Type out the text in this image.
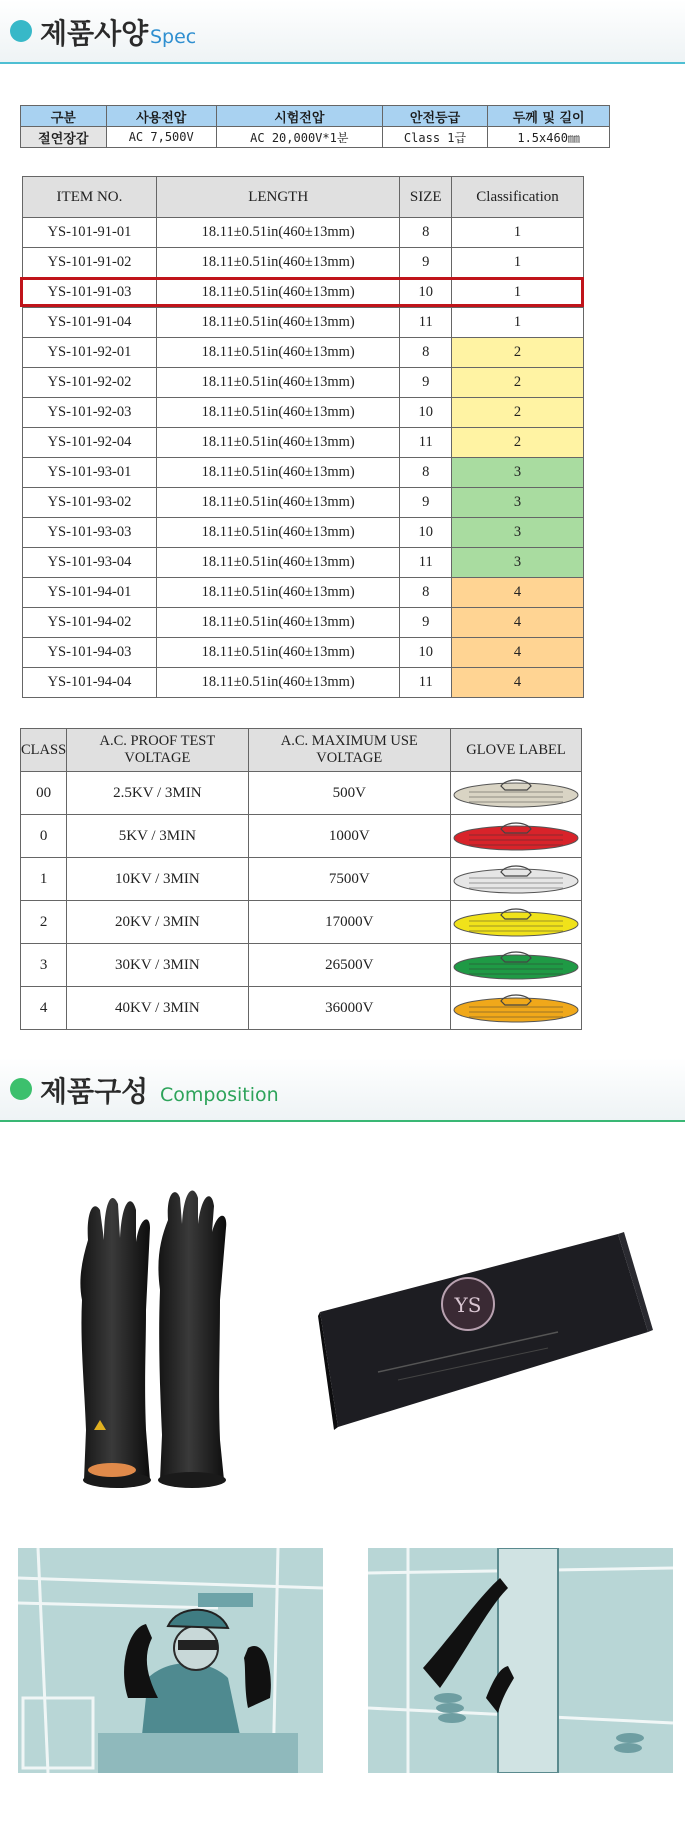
제품사양 Spec
구분	사용전압	시험전압	안전등급	두께 및 길이
절연장갑	AC 7,500V	AC 20,000V*1분	Class 1급	1.5x460㎜
ITEM NO.	LENGTH	SIZE	Classification
YS-101-91-01	18.11±0.51in(460±13mm)	8	1
YS-101-91-02	18.11±0.51in(460±13mm)	9	1
YS-101-91-03	18.11±0.51in(460±13mm)	10	1
YS-101-91-04	18.11±0.51in(460±13mm)	11	1
YS-101-92-01	18.11±0.51in(460±13mm)	8	2
YS-101-92-02	18.11±0.51in(460±13mm)	9	2
YS-101-92-03	18.11±0.51in(460±13mm)	10	2
YS-101-92-04	18.11±0.51in(460±13mm)	11	2
YS-101-93-01	18.11±0.51in(460±13mm)	8	3
YS-101-93-02	18.11±0.51in(460±13mm)	9	3
YS-101-93-03	18.11±0.51in(460±13mm)	10	3
YS-101-93-04	18.11±0.51in(460±13mm)	11	3
YS-101-94-01	18.11±0.51in(460±13mm)	8	4
YS-101-94-02	18.11±0.51in(460±13mm)	9	4
YS-101-94-03	18.11±0.51in(460±13mm)	10	4
YS-101-94-04	18.11±0.51in(460±13mm)	11	4
CLASS	A.C. PROOF TEST VOLTAGE	A.C. MAXIMUM USE VOLTAGE	GLOVE LABEL
00	2.5KV / 3MIN	500V	

0	5KV / 3MIN	1000V	

1	10KV / 3MIN	7500V	

2	20KV / 3MIN	17000V	

3	30KV / 3MIN	26500V	

4	40KV / 3MIN	36000V	
제품구성 Composition
YS
